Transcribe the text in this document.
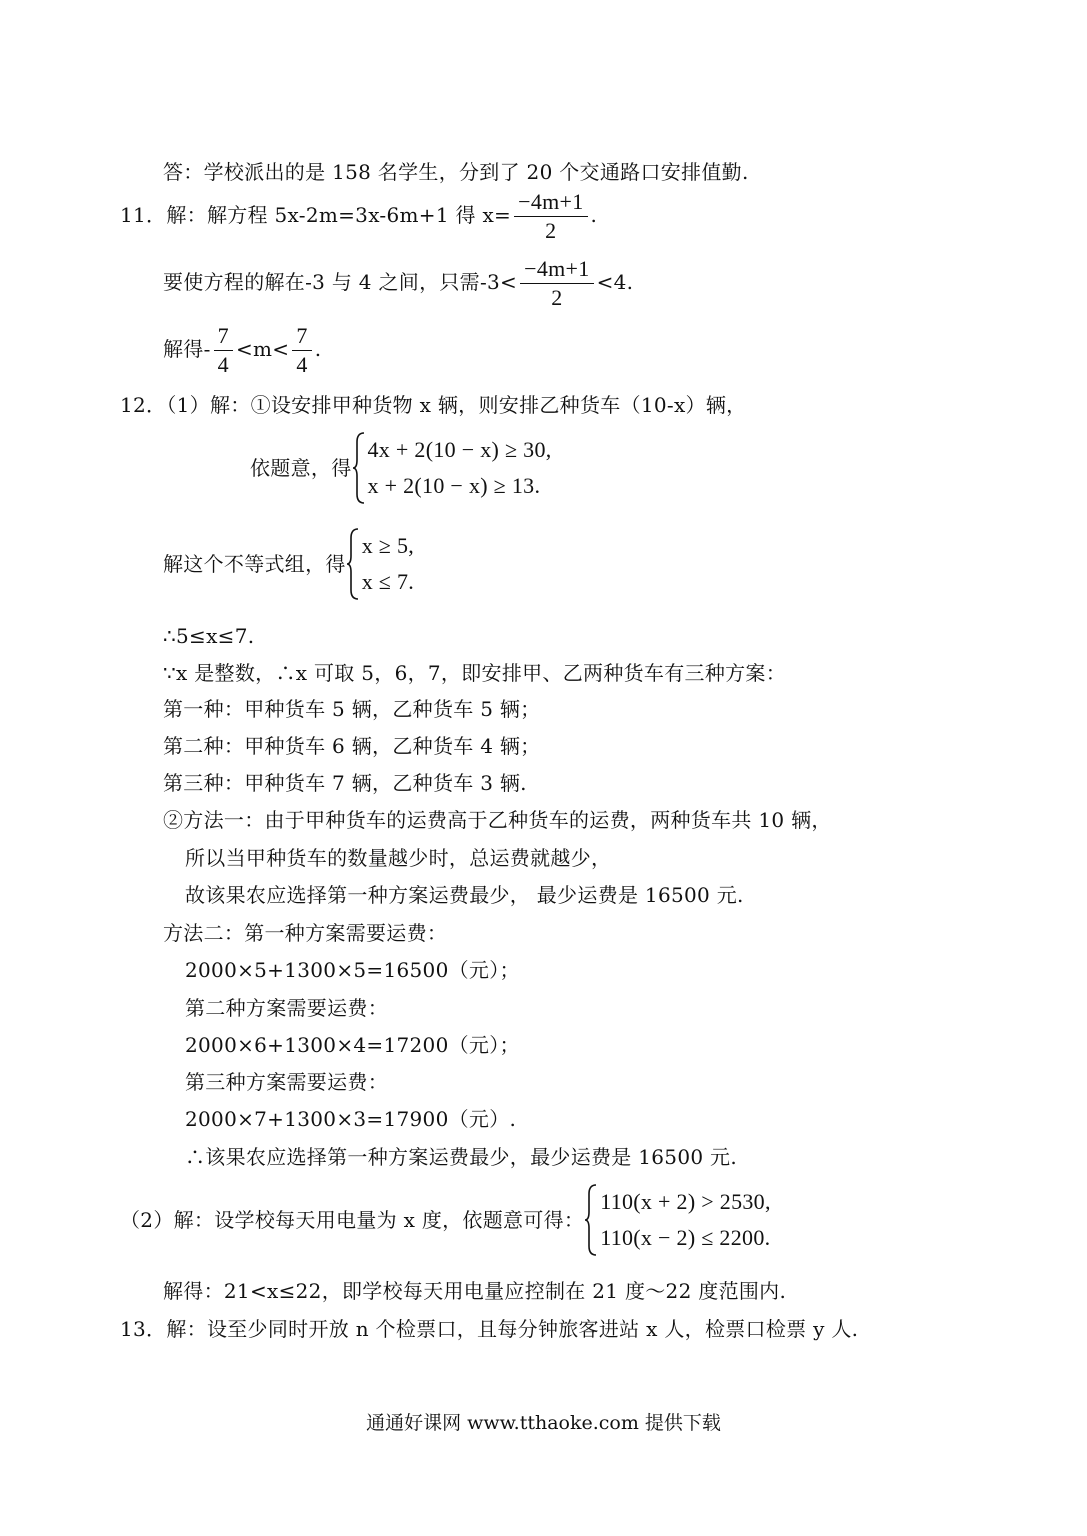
答：学校派出的是 158 名学生，分到了 20 个交通路口安排值勤.
11．解：解方程 5x-2m=3x-6m+1 得 $x= \frac{-4m+1}{2}$ .
要使方程的解在-3 与 4 之间，只需$-3< \frac{-4m+1}{2} <4$.
解得- $\frac{7}{4} <m< \frac{7}{4}$ .
12．（1）解：①设安排甲种货物 x 辆，则安排乙种货车（10-x）辆，
依题意，得
4x + 2(10 − x) ≥ 30,
x + 2(10 − x) ≥ 13.
解这个不等式组，得
x ≥ 5,
x ≤ 7.
∴5≤x≤7.
∵x 是整数，∴x 可取 5，6，7，即安排甲、乙两种货车有三种方案：
第一种：甲种货车 5 辆，乙种货车 5 辆；
第二种：甲种货车 6 辆，乙种货车 4 辆；
第三种：甲种货车 7 辆，乙种货车 3 辆.
②方法一：由于甲种货车的运费高于乙种货车的运费，两种货车共 10 辆，
所以当甲种货车的数量越少时，总运费就越少，
故该果农应选择第一种方案运费最少， 最少运费是 16500 元.
方法二：第一种方案需要运费：
2000×5+1300×5=16500（元）；
第二种方案需要运费：
2000×6+1300×4=17200（元）；
第三种方案需要运费：
2000×7+1300×3=17900（元）.
∴该果农应选择第一种方案运费最少，最少运费是 16500 元.
（2）解：设学校每天用电量为 x 度，依题意可得：
110(x + 2) > 2530,
110(x − 2) ≤ 2200.
解得：21<x≤22，即学校每天用电量应控制在 21 度～22 度范围内.
13．解：设至少同时开放 n 个检票口，且每分钟旅客进站 x 人，检票口检票 y 人.
通通好课网 www.tthaoke.com 提供下载
